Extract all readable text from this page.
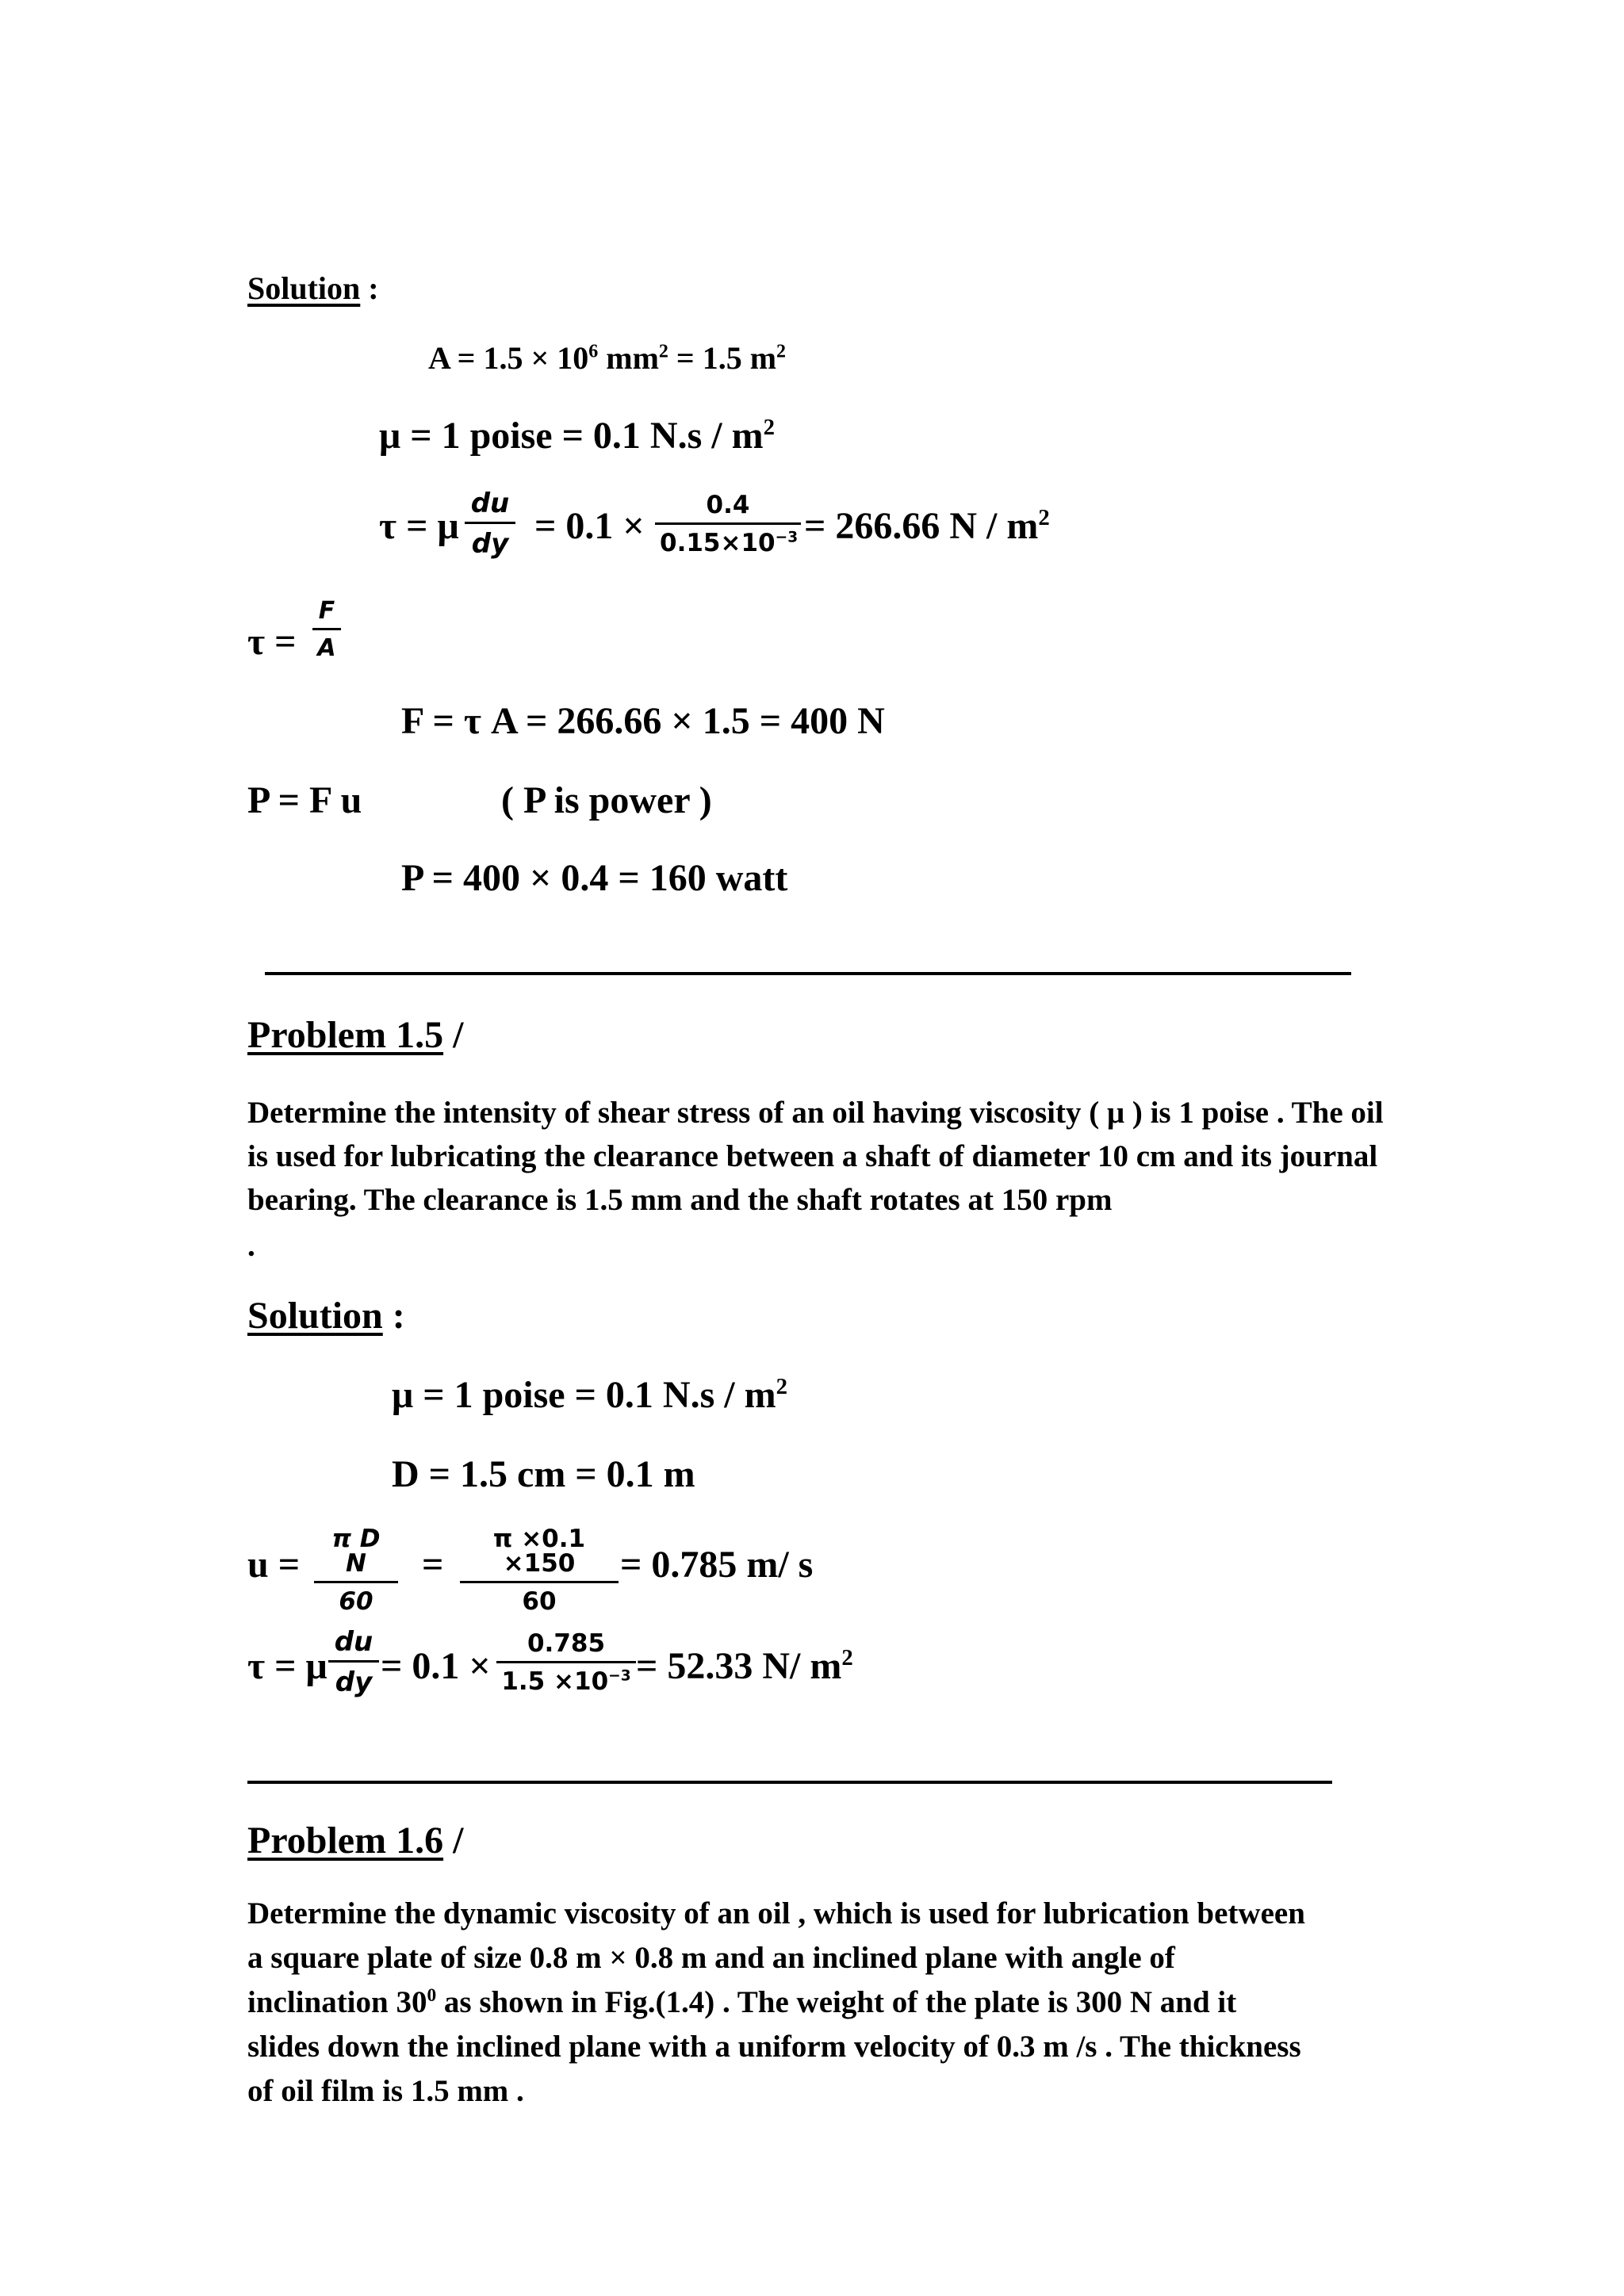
Solution :
$A = 1.5 \times 10^6$ $mm^2 = 1.5$ $m^2$
μ = 1 poise = 0.1 $N.s / m^2$
τ = μ $\frac{du}{dy} = 0.1 \times \frac{0.4}{0.15\times 10^{-3}} = 266.66$ N / $m^2$
$\tau = \frac{F}{A}$
F = τ A = 266.66 × 1.5 = 400 N
P = F u	( P is power )
P = 400 × 0.4 = 160 watt
Problem 1.5 /
Determine the intensity of shear stress of an oil having viscosity ( μ ) is 1 poise . The oil is used for lubricating the clearance between a shaft of diameter 10 cm and its journal bearing. The clearance is 1.5 mm and the shaft rotates at 150 rpm
.
Solution :
μ = 1 poise = 0.1 $N.s / m^2$
D = 1.5 cm = 0.1 m
$u = \frac{\text{π D N}}{60} = \frac{\pi \times 0.1 \times 150}{60} = 0.785$ m/ s
τ = μ $\frac{du}{dy} = 0.1 \times \frac{0.785}{1.5 \times 10^{-3}} = 52.33$ N/ $m^2$
Problem 1.6 /
Determine the dynamic viscosity of an oil , which is used for lubrication between
a square plate of size 0.8 m × 0.8 m and an inclined plane with angle of
inclination $30^0$ as shown in Fig.(1.4) . The weight of the plate is 300 N and it
slides down the inclined plane with a uniform velocity of 0.3 m /s . The thickness
of oil film is 1.5 mm .
